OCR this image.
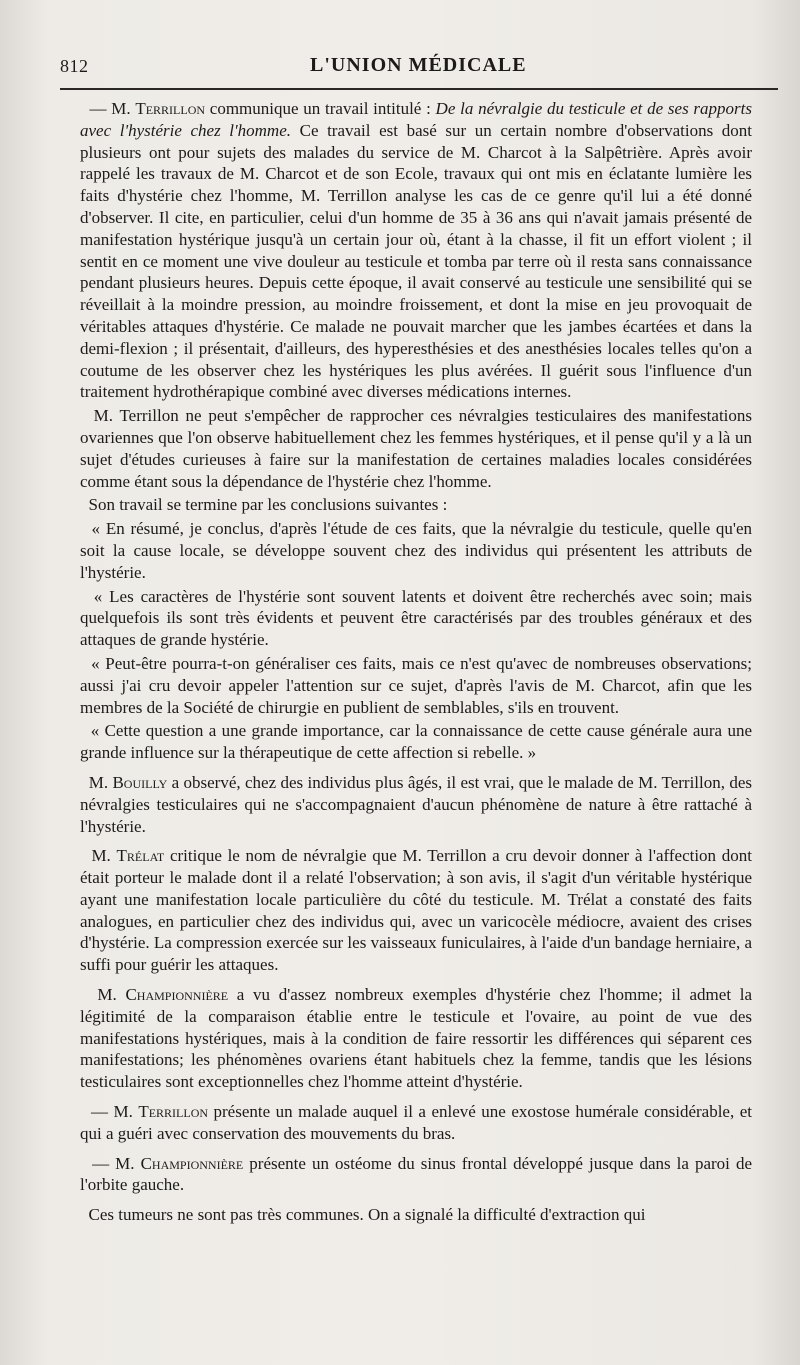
812	L'UNION MÉDICALE

— M. Terrillon communique un travail intitulé : De la névralgie du testicule et de ses rapports avec l'hystérie chez l'homme. Ce travail est basé sur un certain nombre d'observations dont plusieurs ont pour sujets des malades du service de M. Charcot à la Salpêtrière. Après avoir rappelé les travaux de M. Charcot et de son Ecole, travaux qui ont mis en éclatante lumière les faits d'hystérie chez l'homme, M. Terrillon analyse les cas de ce genre qu'il lui a été donné d'observer. Il cite, en particulier, celui d'un homme de 35 à 36 ans qui n'avait jamais présenté de manifestation hystérique jusqu'à un certain jour où, étant à la chasse, il fit un effort violent ; il sentit en ce moment une vive douleur au testicule et tomba par terre où il resta sans connaissance pendant plusieurs heures. Depuis cette époque, il avait conservé au testicule une sensibilité qui se réveillait à la moindre pression, au moindre froissement, et dont la mise en jeu provoquait de véritables attaques d'hystérie. Ce malade ne pouvait marcher que les jambes écartées et dans la demi-flexion ; il présentait, d'ailleurs, des hyperesthésies et des anesthésies locales telles qu'on a coutume de les observer chez les hystériques les plus avérées. Il guérit sous l'influence d'un traitement hydrothérapique combiné avec diverses médications internes.

M. Terrillon ne peut s'empêcher de rapprocher ces névralgies testiculaires des manifestations ovariennes que l'on observe habituellement chez les femmes hystériques, et il pense qu'il y a là un sujet d'études curieuses à faire sur la manifestation de certaines maladies locales considérées comme étant sous la dépendance de l'hystérie chez l'homme.

Son travail se termine par les conclusions suivantes :

« En résumé, je conclus, d'après l'étude de ces faits, que la névralgie du testicule, quelle qu'en soit la cause locale, se développe souvent chez des individus qui présentent les attributs de l'hystérie.

« Les caractères de l'hystérie sont souvent latents et doivent être recherchés avec soin; mais quelquefois ils sont très évidents et peuvent être caractérisés par des troubles généraux et des attaques de grande hystérie.

« Peut-être pourra-t-on généraliser ces faits, mais ce n'est qu'avec de nombreuses observations; aussi j'ai cru devoir appeler l'attention sur ce sujet, d'après l'avis de M. Charcot, afin que les membres de la Société de chirurgie en publient de semblables, s'ils en trouvent.

« Cette question a une grande importance, car la connaissance de cette cause générale aura une grande influence sur la thérapeutique de cette affection si rebelle. »

M. Bouilly a observé, chez des individus plus âgés, il est vrai, que le malade de M. Terrillon, des névralgies testiculaires qui ne s'accompagnaient d'aucun phénomène de nature à être rattaché à l'hystérie.

M. Trélat critique le nom de névralgie que M. Terrillon a cru devoir donner à l'affection dont était porteur le malade dont il a relaté l'observation; à son avis, il s'agit d'un véritable hystérique ayant une manifestation locale particulière du côté du testicule. M. Trélat a constaté des faits analogues, en particulier chez des individus qui, avec un varicocèle médiocre, avaient des crises d'hystérie. La compression exercée sur les vaisseaux funiculaires, à l'aide d'un bandage herniaire, a suffi pour guérir les attaques.

M. Championnière a vu d'assez nombreux exemples d'hystérie chez l'homme; il admet la légitimité de la comparaison établie entre le testicule et l'ovaire, au point de vue des manifestations hystériques, mais à la condition de faire ressortir les différences qui séparent ces manifestations; les phénomènes ovariens étant habituels chez la femme, tandis que les lésions testiculaires sont exceptionnelles chez l'homme atteint d'hystérie.

— M. Terrillon présente un malade auquel il a enlevé une exostose humérale considérable, et qui a guéri avec conservation des mouvements du bras.

— M. Championnière présente un ostéome du sinus frontal développé jusque dans la paroi de l'orbite gauche.

Ces tumeurs ne sont pas très communes. On a signalé la difficulté d'extraction qui
